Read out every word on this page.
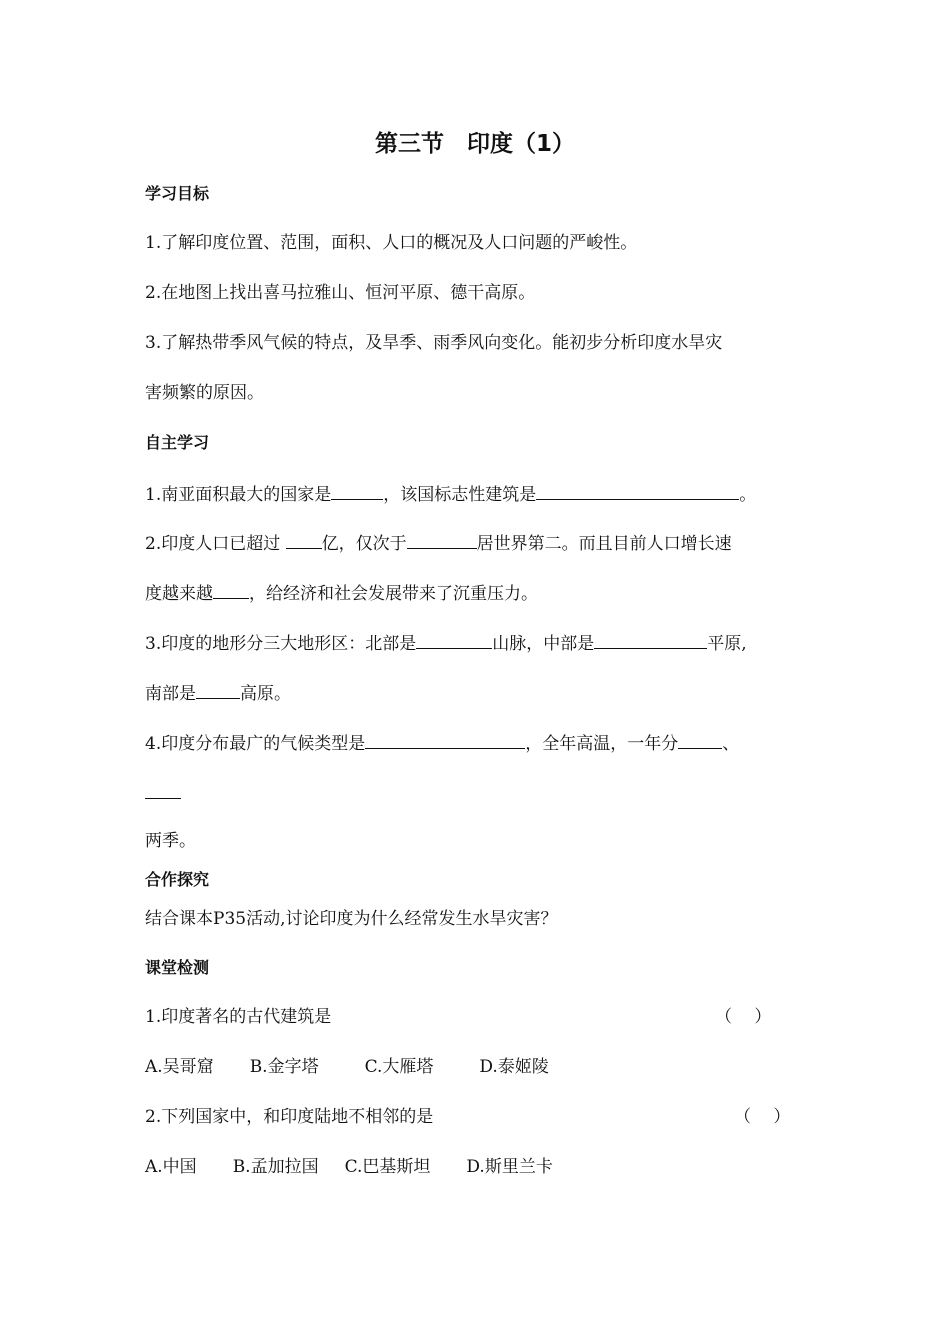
第三节　印度（1）

学习目标

1.了解印度位置、范围，面积、人口的概况及人口问题的严峻性。

2.在地图上找出喜马拉雅山、恒河平原、德干高原。

3.了解热带季风气候的特点，及旱季、雨季风向变化。能初步分析印度水旱灾

害频繁的原因。

自主学习

1.南亚面积最大的国家是	，该国标志性建筑是	。

2.印度人口已超过 亿，仅次于	居世界第二。而且目前人口增长速

度越来越 ，给经济和社会发展带来了沉重压力。

3.印度的地形分三大地形区：北部是	山脉，中部是	平原,

南部是	高原。

4.印度分布最广的气候类型是	，全年高温，一年分	、

两季。

合作探究

结合课本P35活动,讨论印度为什么经常发生水旱灾害？

课堂检测

1.印度著名的古代建筑是	（　 ）

A.吴哥窟 B.金字塔	C.大雁塔	D.泰姬陵

2.下列国家中，和印度陆地不相邻的是	（　 ）

A.中国 B.孟加拉国 C.巴基斯坦 D.斯里兰卡
